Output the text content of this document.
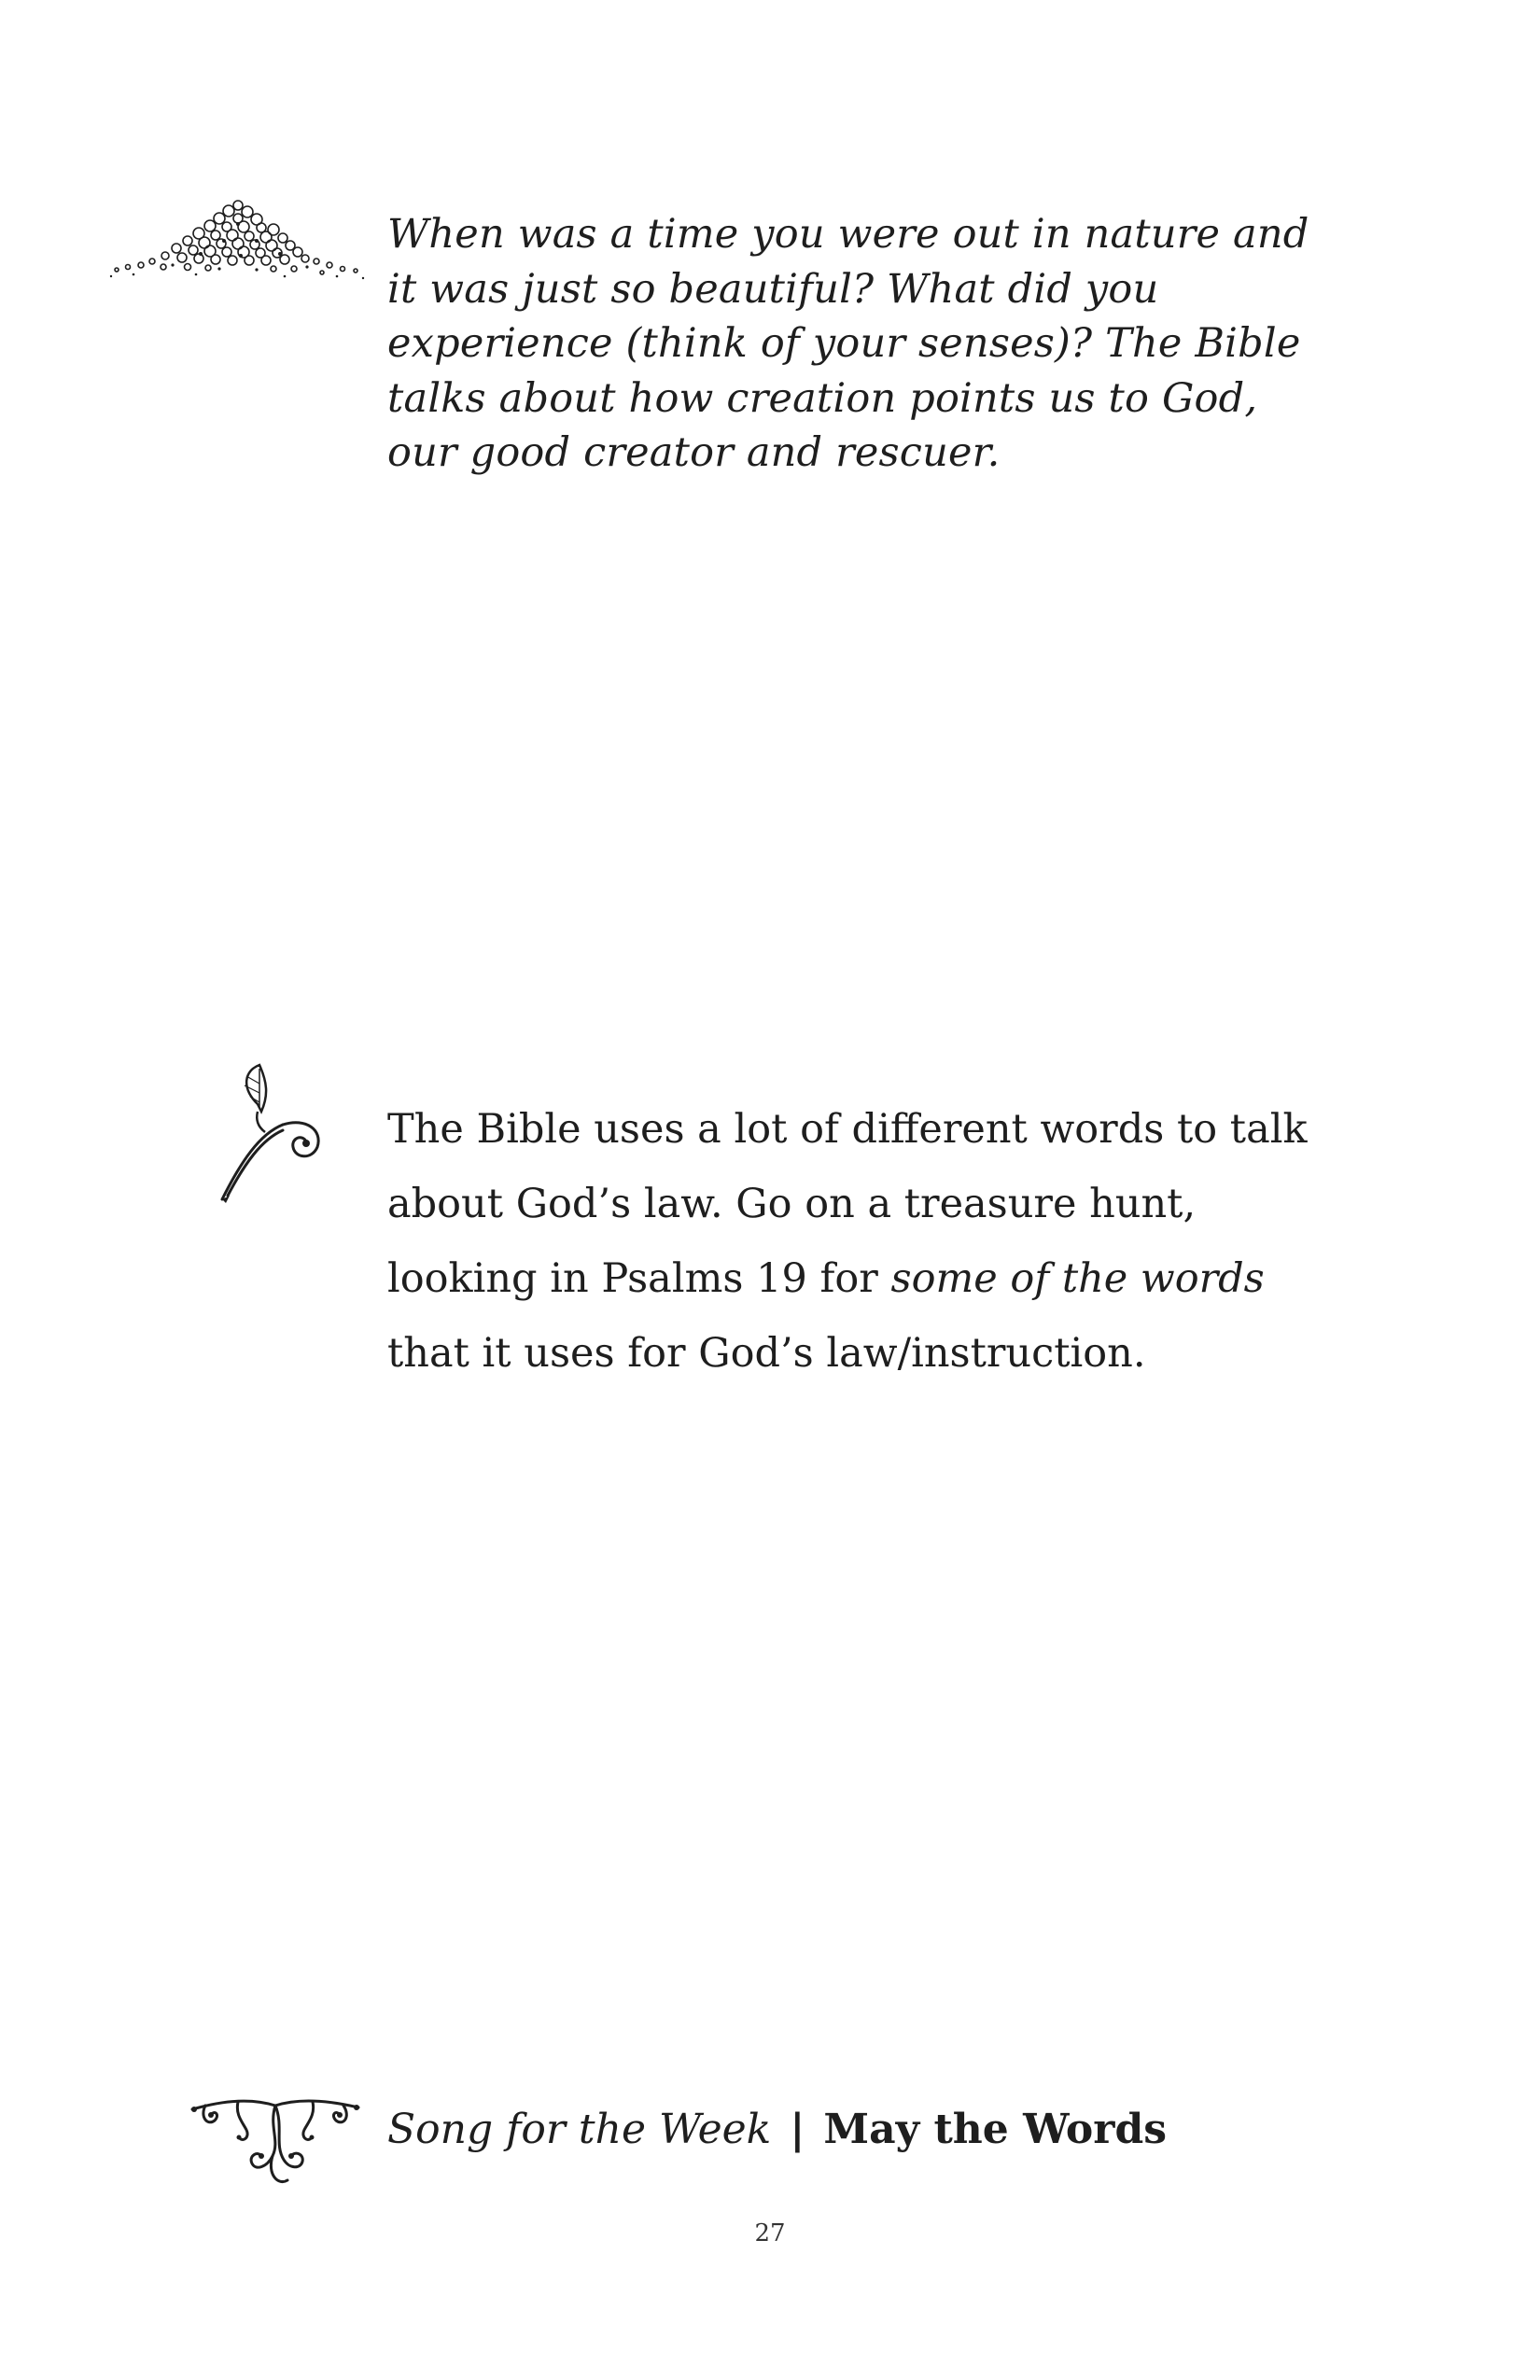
When was a time you were out in nature and it was just so beautiful? What did you experience (think of your senses)? The Bible talks about how creation points us to God, our good creator and rescuer.

The Bible uses a lot of different words to talk about God’s law. Go on a treasure hunt, looking in Psalms 19 for some of the words that it uses for God’s law/instruction.

Song for the Week | May the Words
27
